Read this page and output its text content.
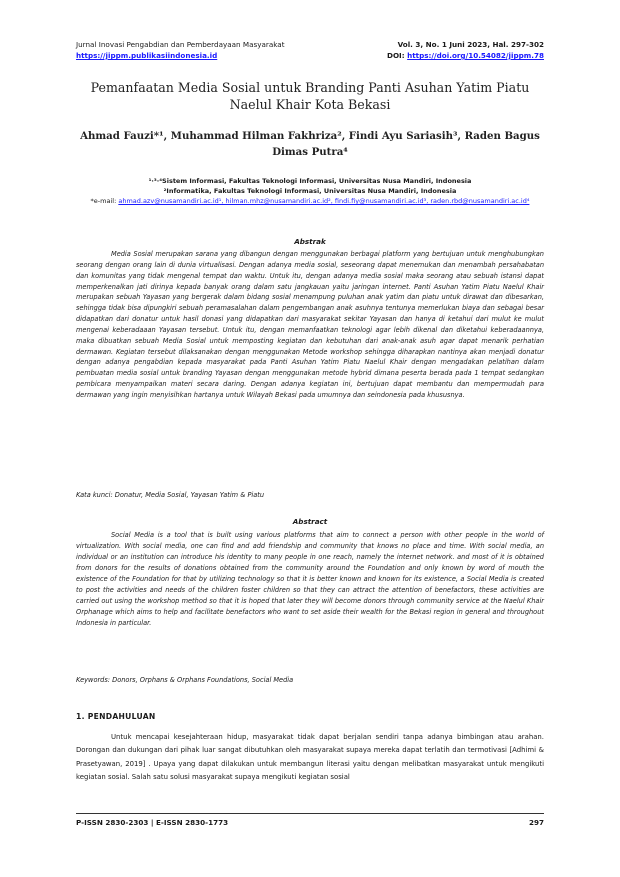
Jurnal Inovasi Pengabdian dan Pemberdayaan Masyarakat	Vol. 3, No. 1 Juni 2023, Hal. 297-302
https://jippm.publikasiindonesia.id	DOI: https://doi.org/10.54082/jippm.78
Pemanfaatan Media Sosial untuk Branding Panti Asuhan Yatim Piatu Naelul Khair Kota Bekasi
Ahmad Fauzi*¹, Muhammad Hilman Fakhriza², Findi Ayu Sariasih³, Raden Bagus Dimas Putra⁴
¹·³·⁴Sistem Informasi, Fakultas Teknologi Informasi, Universitas Nusa Mandiri, Indonesia
²Informatika, Fakultas Teknologi Informasi, Universitas Nusa Mandiri, Indonesia
*e-mail: ahmad.azv@nusamandiri.ac.id¹, hilman.mhz@nusamandiri.ac.id², findi.fiy@nusamandiri.ac.id³, raden.rbd@nusamandiri.ac.id⁴
Abstrak
Media Sosial merupakan sarana yang dibangun dengan menggunakan berbagai platform yang bertujuan untuk menghubungkan seorang dengan orang lain di dunia virtualisasi. Dengan adanya media sosial, seseorang dapat menemukan dan menambah persahabatan dan komunitas yang tidak mengenal tempat dan waktu. Untuk itu, dengan adanya media sosial maka seorang atau sebuah istansi dapat memperkenalkan jati dirinya kepada banyak orang dalam satu jangkauan yaitu jaringan internet. Panti Asuhan Yatim Piatu Naelul Khair merupakan sebuah Yayasan yang bergerak dalam bidang sosial menampung puluhan anak yatim dan piatu untuk dirawat dan dibesarkan, sehingga tidak bisa dipungkiri sebuah peramasalahan dalam pengembangan anak asuhnya tentunya memerlukan biaya dan sebagai besar didapatkan dari donatur untuk hasil donasi yang didapatkan dari masyarakat sekitar Yayasan dan hanya di ketahui dari mulut ke mulut mengenai keberadaaan Yayasan tersebut. Untuk itu, dengan memanfaatkan teknologi agar lebih dikenal dan diketahui keberadaannya, maka dibuatkan sebuah Media Sosial untuk memposting kegiatan dan kebutuhan dari anak-anak asuh agar dapat menarik perhatian dermawan. Kegiatan tersebut dilaksanakan dengan menggunakan Metode workshop sehingga diharapkan nantinya akan menjadi donatur dengan adanya pengabdian kepada masyarakat pada Panti Asuhan Yatim Piatu Naelul Khair dengan mengadakan pelatihan dalam pembuatan media sosial untuk branding Yayasan dengan menggunakan metode hybrid dimana peserta berada pada 1 tempat sedangkan pembicara menyampaikan materi secara daring. Dengan adanya kegiatan ini, bertujuan dapat membantu dan mempermudah para dermawan yang ingin menyisihkan hartanya untuk Wilayah Bekasi pada umumnya dan seindonesia pada khususnya.
Kata kunci: Donatur, Media Sosial, Yayasan Yatim & Piatu
Abstract
Social Media is a tool that is built using various platforms that aim to connect a person with other people in the world of virtualization. With social media, one can find and add friendship and community that knows no place and time. With social media, an individual or an institution can introduce his identity to many people in one reach, namely the internet network. and most of it is obtained from donors for the results of donations obtained from the community around the Foundation and only known by word of mouth the existence of the Foundation for that by utilizing technology so that it is better known and known for its existence, a Social Media is created to post the activities and needs of the children foster children so that they can attract the attention of benefactors, these activities are carried out using the workshop method so that it is hoped that later they will become donors through community service at the Naelul Khair Orphanage which aims to help and facilitate benefactors who want to set aside their wealth for the Bekasi region in general and throughout Indonesia in particular.
Keywords: Donors, Orphans & Orphans Foundations, Social Media
1. PENDAHULUAN
Untuk mencapai kesejahteraan hidup, masyarakat tidak dapat berjalan sendiri tanpa adanya bimbingan atau arahan. Dorongan dan dukungan dari pihak luar sangat dibutuhkan oleh masyarakat supaya mereka dapat terlatih dan termotivasi [Adhimi & Prasetyawan, 2019] . Upaya yang dapat dilakukan untuk membangun literasi yaitu dengan melibatkan masyarakat untuk mengikuti kegiatan sosial. Salah satu solusi masyarakat supaya mengikuti kegiatan sosial
P-ISSN 2830-2303 | E-ISSN 2830-1773	297
